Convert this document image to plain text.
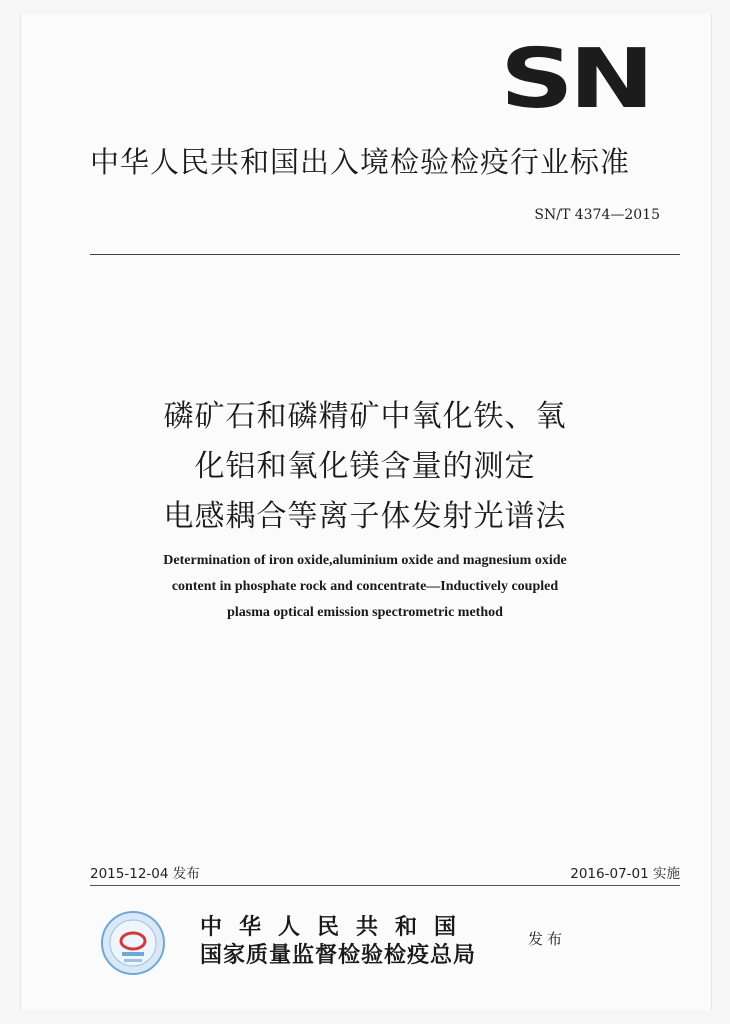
SN
中华人民共和国出入境检验检疫行业标准
SN/T 4374—2015
磷矿石和磷精矿中氧化铁、氧
化铝和氧化镁含量的测定
电感耦合等离子体发射光谱法
Determination of iron oxide,aluminium oxide and magnesium oxide
content in phosphate rock and concentrate—Inductively coupled
plasma optical emission spectrometric method
2015-12-04 发布	2016-07-01 实施
中华人民共和国
国家质量监督检验检疫总局
发布
